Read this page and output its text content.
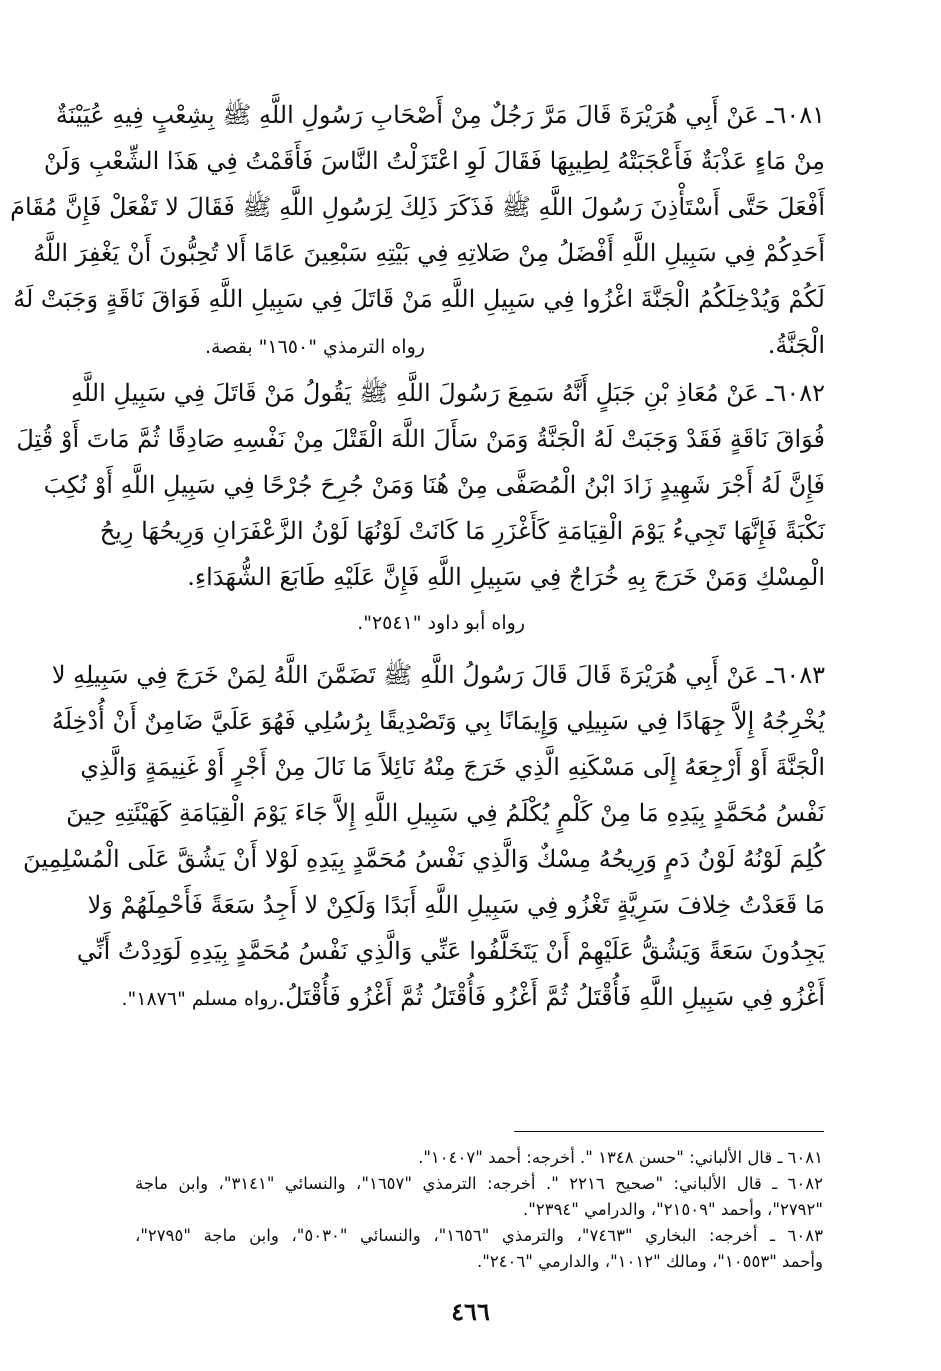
٦٠٨١ـ عَنْ أَبِي هُرَيْرَةَ قَالَ مَرَّ رَجُلٌ مِنْ أَصْحَابِ رَسُولِ اللَّهِ ﷺ بِشِعْبٍ فِيهِ عُيَيْنَةٌ
مِنْ مَاءٍ عَذْبَةٌ فَأَعْجَبَتْهُ لِطِيبِهَا فَقَالَ لَوِ اعْتَزَلْتُ النَّاسَ فَأَقَمْتُ فِي هَذَا الشِّعْبِ وَلَنْ
أَفْعَلَ حَتَّى أَسْتَأْذِنَ رَسُولَ اللَّهِ ﷺ فَذَكَرَ ذَلِكَ لِرَسُولِ اللَّهِ ﷺ فَقَالَ لا تَفْعَلْ فَإِنَّ مُقَامَ
أَحَدِكُمْ فِي سَبِيلِ اللَّهِ أَفْضَلُ مِنْ صَلاتِهِ فِي بَيْتِهِ سَبْعِينَ عَامًا أَلا تُحِبُّونَ أَنْ يَغْفِرَ اللَّهُ
لَكُمْ وَيُدْخِلَكُمُ الْجَنَّةَ اغْزُوا فِي سَبِيلِ اللَّهِ مَنْ قَاتَلَ فِي سَبِيلِ اللَّهِ فَوَاقَ نَاقَةٍ وَجَبَتْ لَهُ
الْجَنَّةُ.
رواه الترمذي "١٦٥٠" بقصة.
٦٠٨٢ـ عَنْ مُعَاذِ بْنِ جَبَلٍ أَنَّهُ سَمِعَ رَسُولَ اللَّهِ ﷺ يَقُولُ مَنْ قَاتَلَ فِي سَبِيلِ اللَّهِ
فُوَاقَ نَاقَةٍ فَقَدْ وَجَبَتْ لَهُ الْجَنَّةُ وَمَنْ سَأَلَ اللَّهَ الْقَتْلَ مِنْ نَفْسِهِ صَادِقًا ثُمَّ مَاتَ أَوْ قُتِلَ
فَإِنَّ لَهُ أَجْرَ شَهِيدٍ زَادَ ابْنُ الْمُصَفَّى مِنْ هُنَا وَمَنْ جُرِحَ جُرْحًا فِي سَبِيلِ اللَّهِ أَوْ نُكِبَ
نَكْبَةً فَإِنَّهَا تَجِيءُ يَوْمَ الْقِيَامَةِ كَأَغْزَرِ مَا كَانَتْ لَوْنُهَا لَوْنُ الزَّعْفَرَانِ وَرِيحُهَا رِيحُ
الْمِسْكِ وَمَنْ خَرَجَ بِهِ خُرَاجٌ فِي سَبِيلِ اللَّهِ فَإِنَّ عَلَيْهِ طَابَعَ الشُّهَدَاءِ.
رواه أبو داود "٢٥٤١".
٦٠٨٣ـ عَنْ أَبِي هُرَيْرَةَ قَالَ قَالَ رَسُولُ اللَّهِ ﷺ تَضَمَّنَ اللَّهُ لِمَنْ خَرَجَ فِي سَبِيلِهِ لا
يُخْرِجُهُ إِلاَّ جِهَادًا فِي سَبِيلِي وَإِيمَانًا بِي وَتَصْدِيقًا بِرُسُلِي فَهُوَ عَلَيَّ ضَامِنٌ أَنْ أُدْخِلَهُ
الْجَنَّةَ أَوْ أَرْجِعَهُ إِلَى مَسْكَنِهِ الَّذِي خَرَجَ مِنْهُ نَائِلاً مَا نَالَ مِنْ أَجْرٍ أَوْ غَنِيمَةٍ وَالَّذِي
نَفْسُ مُحَمَّدٍ بِيَدِهِ مَا مِنْ كَلْمٍ يُكْلَمُ فِي سَبِيلِ اللَّهِ إِلاَّ جَاءَ يَوْمَ الْقِيَامَةِ كَهَيْئَتِهِ حِينَ
كُلِمَ لَوْنُهُ لَوْنُ دَمٍ وَرِيحُهُ مِسْكٌ وَالَّذِي نَفْسُ مُحَمَّدٍ بِيَدِهِ لَوْلا أَنْ يَشُقَّ عَلَى الْمُسْلِمِينَ
مَا قَعَدْتُ خِلافَ سَرِيَّةٍ تَغْزُو فِي سَبِيلِ اللَّهِ أَبَدًا وَلَكِنْ لا أَجِدُ سَعَةً فَأَحْمِلَهُمْ وَلا
يَجِدُونَ سَعَةً وَيَشُقُّ عَلَيْهِمْ أَنْ يَتَخَلَّفُوا عَنِّي وَالَّذِي نَفْسُ مُحَمَّدٍ بِيَدِهِ لَوَدِدْتُ أَنِّي
أَغْزُو فِي سَبِيلِ اللَّهِ فَأُقْتَلُ ثُمَّ أَغْزُو فَأُقْتَلُ ثُمَّ أَغْزُو فَأُقْتَلُ.
رواه مسلم "١٨٧٦".
٦٠٨١ ـ قال الألباني: "حسن ١٣٤٨ ". أخرجه: أحمد "١٠٤٠٧".
٦٠٨٢ ـ قال الألباني: "صحيح ٢٢١٦ ". أخرجه: الترمذي "١٦٥٧"، والنسائي "٣١٤١"، وابن ماجة
"٢٧٩٢"، وأحمد "٢١٥٠٩"، والدرامي "٢٣٩٤".
٦٠٨٣ ـ أخرجه: البخاري "٧٤٦٣"، والترمذي "١٦٥٦"، والنسائي "٥٠٣٠"، وابن ماجة "٢٧٩٥"،
وأحمد "١٠٥٥٣"، ومالك "١٠١٢"، والدارمي "٢٤٠٦".
٤٦٦
